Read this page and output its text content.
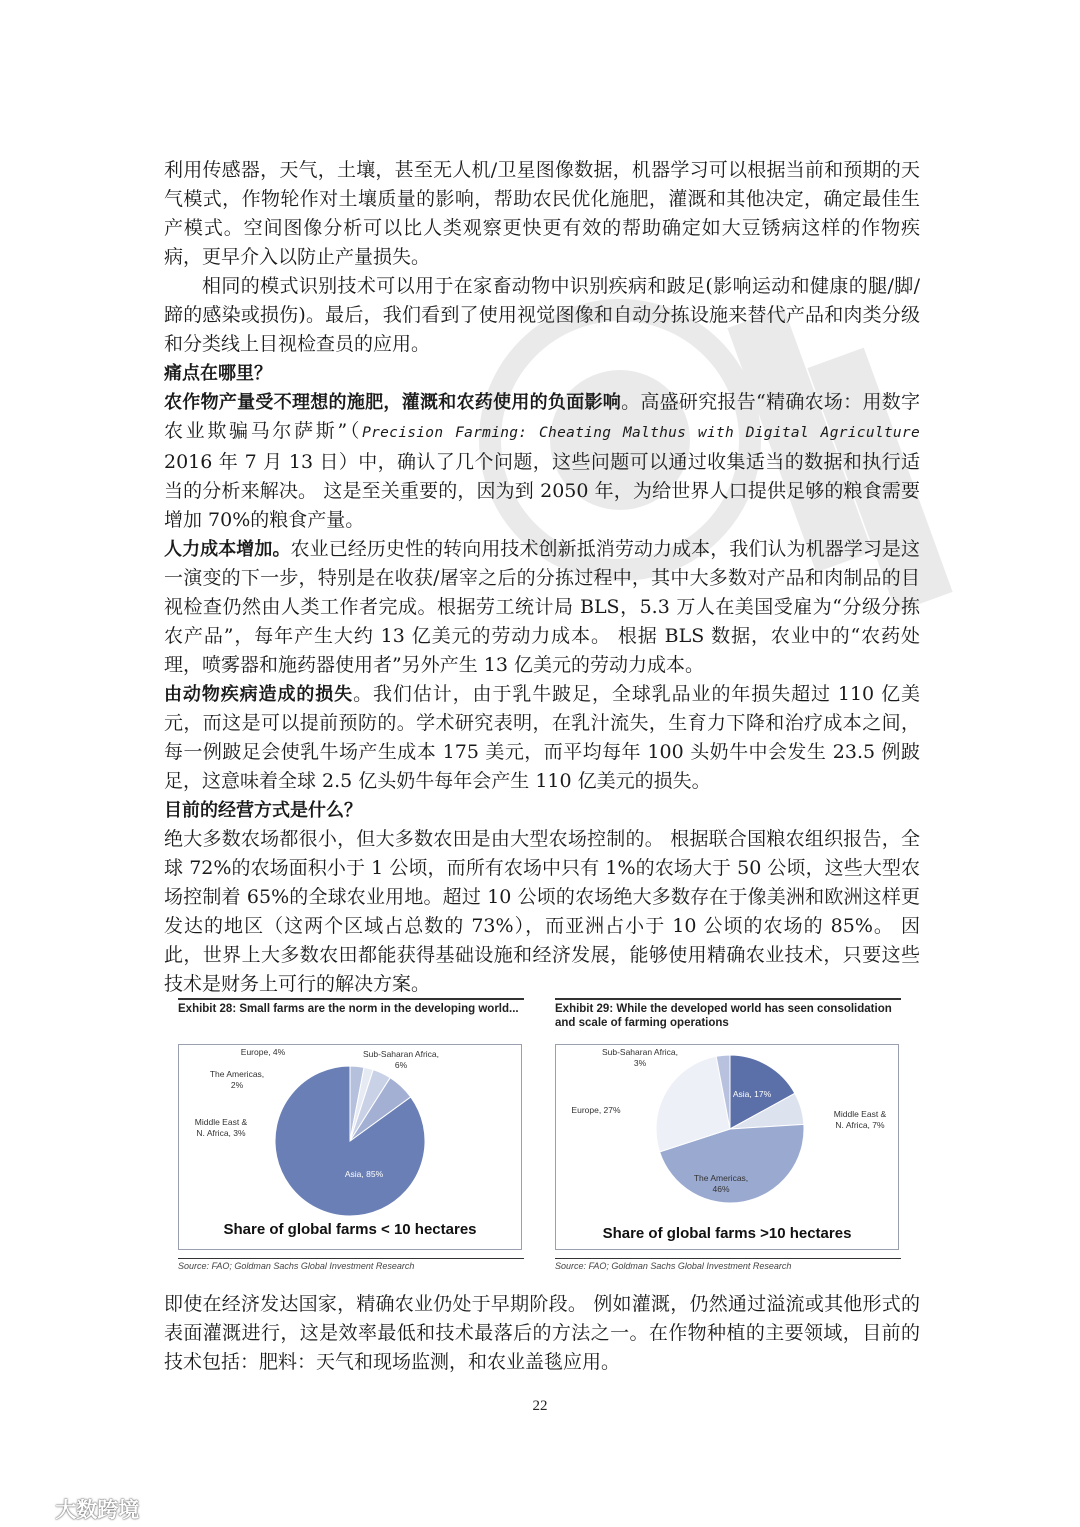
利用传感器，天气，土壤，甚至无人机/卫星图像数据，机器学习可以根据当前和预期的天气模式，作物轮作对土壤质量的影响，帮助农民优化施肥，灌溉和其他决定，确定最佳生产模式。空间图像分析可以比人类观察更快更有效的帮助确定如大豆锈病这样的作物疾病，更早介入以防止产量损失。

相同的模式识别技术可以用于在家畜动物中识别疾病和跛足(影响运动和健康的腿/脚/蹄的感染或损伤)。最后，我们看到了使用视觉图像和自动分拣设施来替代产品和肉类分级和分类线上目视检查员的应用。

痛点在哪里？

农作物产量受不理想的施肥，灌溉和农药使用的负面影响。高盛研究报告“精确农场：用数字农业欺骗马尔萨斯”（Precision Farming: Cheating Malthus with Digital Agriculture 2016 年 7 月 13 日）中，确认了几个问题，这些问题可以通过收集适当的数据和执行适当的分析来解决。 这是至关重要的，因为到 2050 年，为给世界人口提供足够的粮食需要增加 70%的粮食产量。

人力成本增加。农业已经历史性的转向用技术创新抵消劳动力成本，我们认为机器学习是这一演变的下一步，特别是在收获/屠宰之后的分拣过程中，其中大多数对产品和肉制品的目视检查仍然由人类工作者完成。根据劳工统计局 BLS，5.3 万人在美国受雇为“分级分拣农产品”，每年产生大约 13 亿美元的劳动力成本。 根据 BLS 数据，农业中的“农药处理，喷雾器和施药器使用者”另外产生 13 亿美元的劳动力成本。

由动物疾病造成的损失。我们估计，由于乳牛跛足，全球乳品业的年损失超过 110 亿美元，而这是可以提前预防的。学术研究表明，在乳汁流失，生育力下降和治疗成本之间，每一例跛足会使乳牛场产生成本 175 美元，而平均每年 100 头奶牛中会发生 23.5 例跛足，这意味着全球 2.5 亿头奶牛每年会产生 110 亿美元的损失。

目前的经营方式是什么？

绝大多数农场都很小，但大多数农田是由大型农场控制的。 根据联合国粮农组织报告，全球 72%的农场面积小于 1 公顷，而所有农场中只有 1%的农场大于 50 公顷，这些大型农场控制着 65%的全球农业用地。超过 10 公顷的农场绝大多数存在于像美洲和欧洲这样更发达的地区（这两个区域占总数的 73%），而亚洲占小于 10 公顷的农场的 85%。 因此，世界上大多数农田都能获得基础设施和经济发展，能够使用精确农业技术，只要这些技术是财务上可行的解决方案。

Exhibit 28: Small farms are the norm in the developing world...
Asia, 85%
Middle East & N. Africa, 3%
The Americas, 2%
Europe, 4%	Sub-Saharan Africa, 6%
Share of global farms < 10 hectares
Source: FAO; Goldman Sachs Global Investment Research
Exhibit 29: While the developed world has seen consolidation and scale of farming operations
Asia, 17%
Middle East & N. Africa, 7%
The Americas, 46%
Europe, 27%
Sub-Saharan Africa, 3%
Share of global farms >10 hectares
Source: FAO; Goldman Sachs Global Investment Research

即使在经济发达国家，精确农业仍处于早期阶段。 例如灌溉，仍然通过溢流或其他形式的表面灌溉进行，这是效率最低和技术最落后的方法之一。在作物种植的主要领域，目前的技术包括：肥料：天气和现场监测，和农业盖毯应用。

22
大数跨境
